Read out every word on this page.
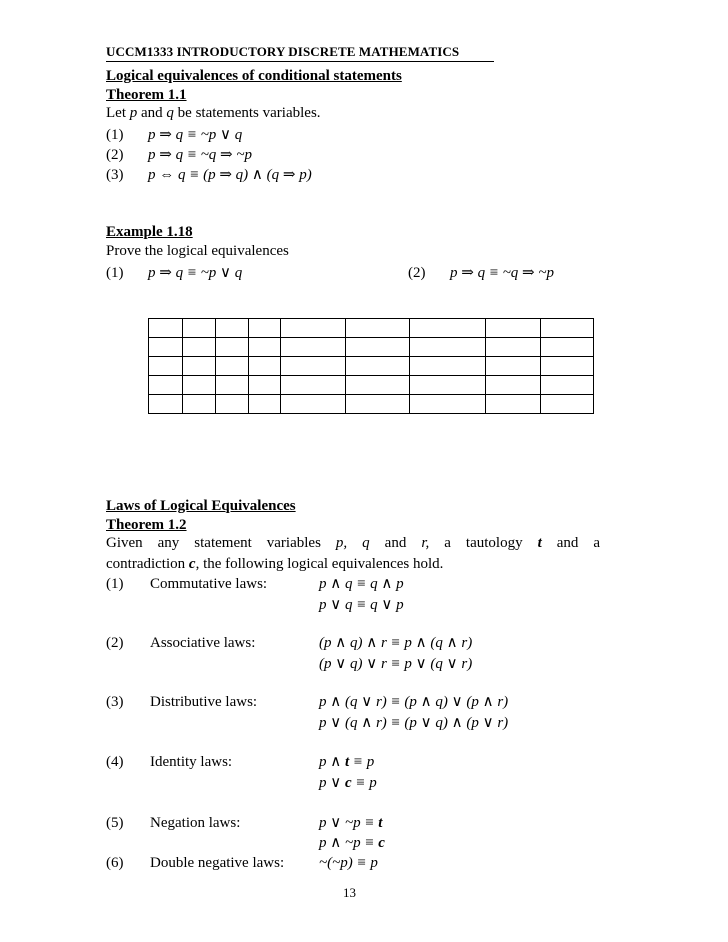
UCCM1333 INTRODUCTORY DISCRETE MATHEMATICS
Logical equivalences of conditional statements
Theorem 1.1
Let p and q be statements variables.
(1) p ⇒ q ≡ ~p ∨ q
(2) p ⇒ q ≡ ~q ⇒ ~p
(3) p ⇔ q ≡ (p ⇒ q) ∧ (q ⇒ p)
Example 1.18
Prove the logical equivalences
(1) p ⇒ q ≡ ~p ∨ q	(2) p ⇒ q ≡ ~q ⇒ ~p

Laws of Logical Equivalences
Theorem 1.2
Given any statement variables p, q and r, a tautology t and a
contradiction c, the following logical equivalences hold.
(1) Commutative laws:	p ∧ q ≡ q ∧ p
p ∨ q ≡ q ∨ p
(2) Associative laws:	(p ∧ q) ∧ r ≡ p ∧ (q ∧ r)
(p ∨ q) ∨ r ≡ p ∨ (q ∨ r)
(3) Distributive laws:	p ∧ (q ∨ r) ≡ (p ∧ q) ∨ (p ∧ r)
p ∨ (q ∧ r) ≡ (p ∨ q) ∧ (p ∨ r)
(4) Identity laws:	p ∧ t ≡ p
p ∨ c ≡ p
(5) Negation laws:	p ∨ ~p ≡ t
p ∧ ~p ≡ c
(6) Double negative laws: ~(~p) ≡ p
13
